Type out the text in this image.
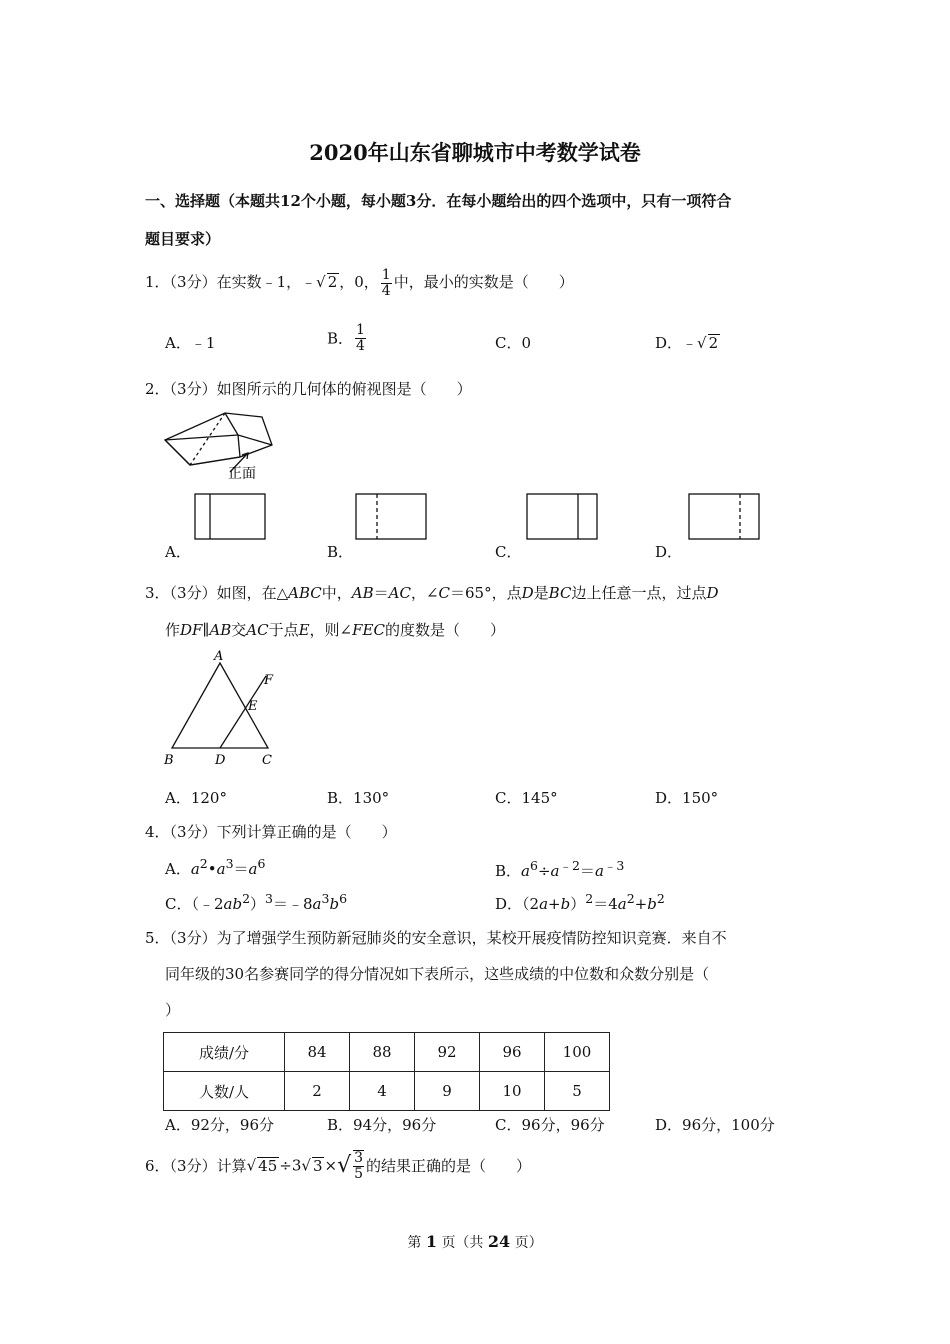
2020年山东省聊城市中考数学试卷
一、选择题（本题共12个小题，每小题3分．在每小题给出的四个选项中，只有一项符合
题目要求）
1．（3分）在实数﹣1，﹣√ 2 ，0， $\frac{1}{4}$ 中，最小的实数是（　　）
A．﹣1	B． $\frac{1}{4}$	C．0	D．﹣√ 2
2．（3分）如图所示的几何体的俯视图是（　　）
正面
A．	B．	C．	D．
3．（3分）如图，在△ABC中，AB＝AC，∠C＝65°，点D是BC边上任意一点，过点D
作DF∥AB交AC于点E，则∠FEC的度数是（　　）
A
B	C
D
E
F
A．120°	B．130°	C．145°	D．150°
4．（3分）下列计算正确的是（　　）
A．$a^2•a^3=a^6$	B．$a^6\div a^{﹣2}=a^{﹣3}$
C．$(﹣2ab^2)^3=﹣8a^3b^6$	D．$(2a+b)^2=4a^2+b^2$
5．（3分）为了增强学生预防新冠肺炎的安全意识，某校开展疫情防控知识竞赛．来自不
同年级的30名参赛同学的得分情况如下表所示，这些成绩的中位数和众数分别是（
）
成绩/分	84	88	92	96	100
人数/人	2	4	9	10	5
A．92分，96分	B．94分，96分	C．96分，96分	D．96分，100分
6．（3分）计算√ 45 ÷3√ 3 ×√ $\frac{3}{5}$ 的结果正确的是（　　）
第 1 页（共 24 页）
